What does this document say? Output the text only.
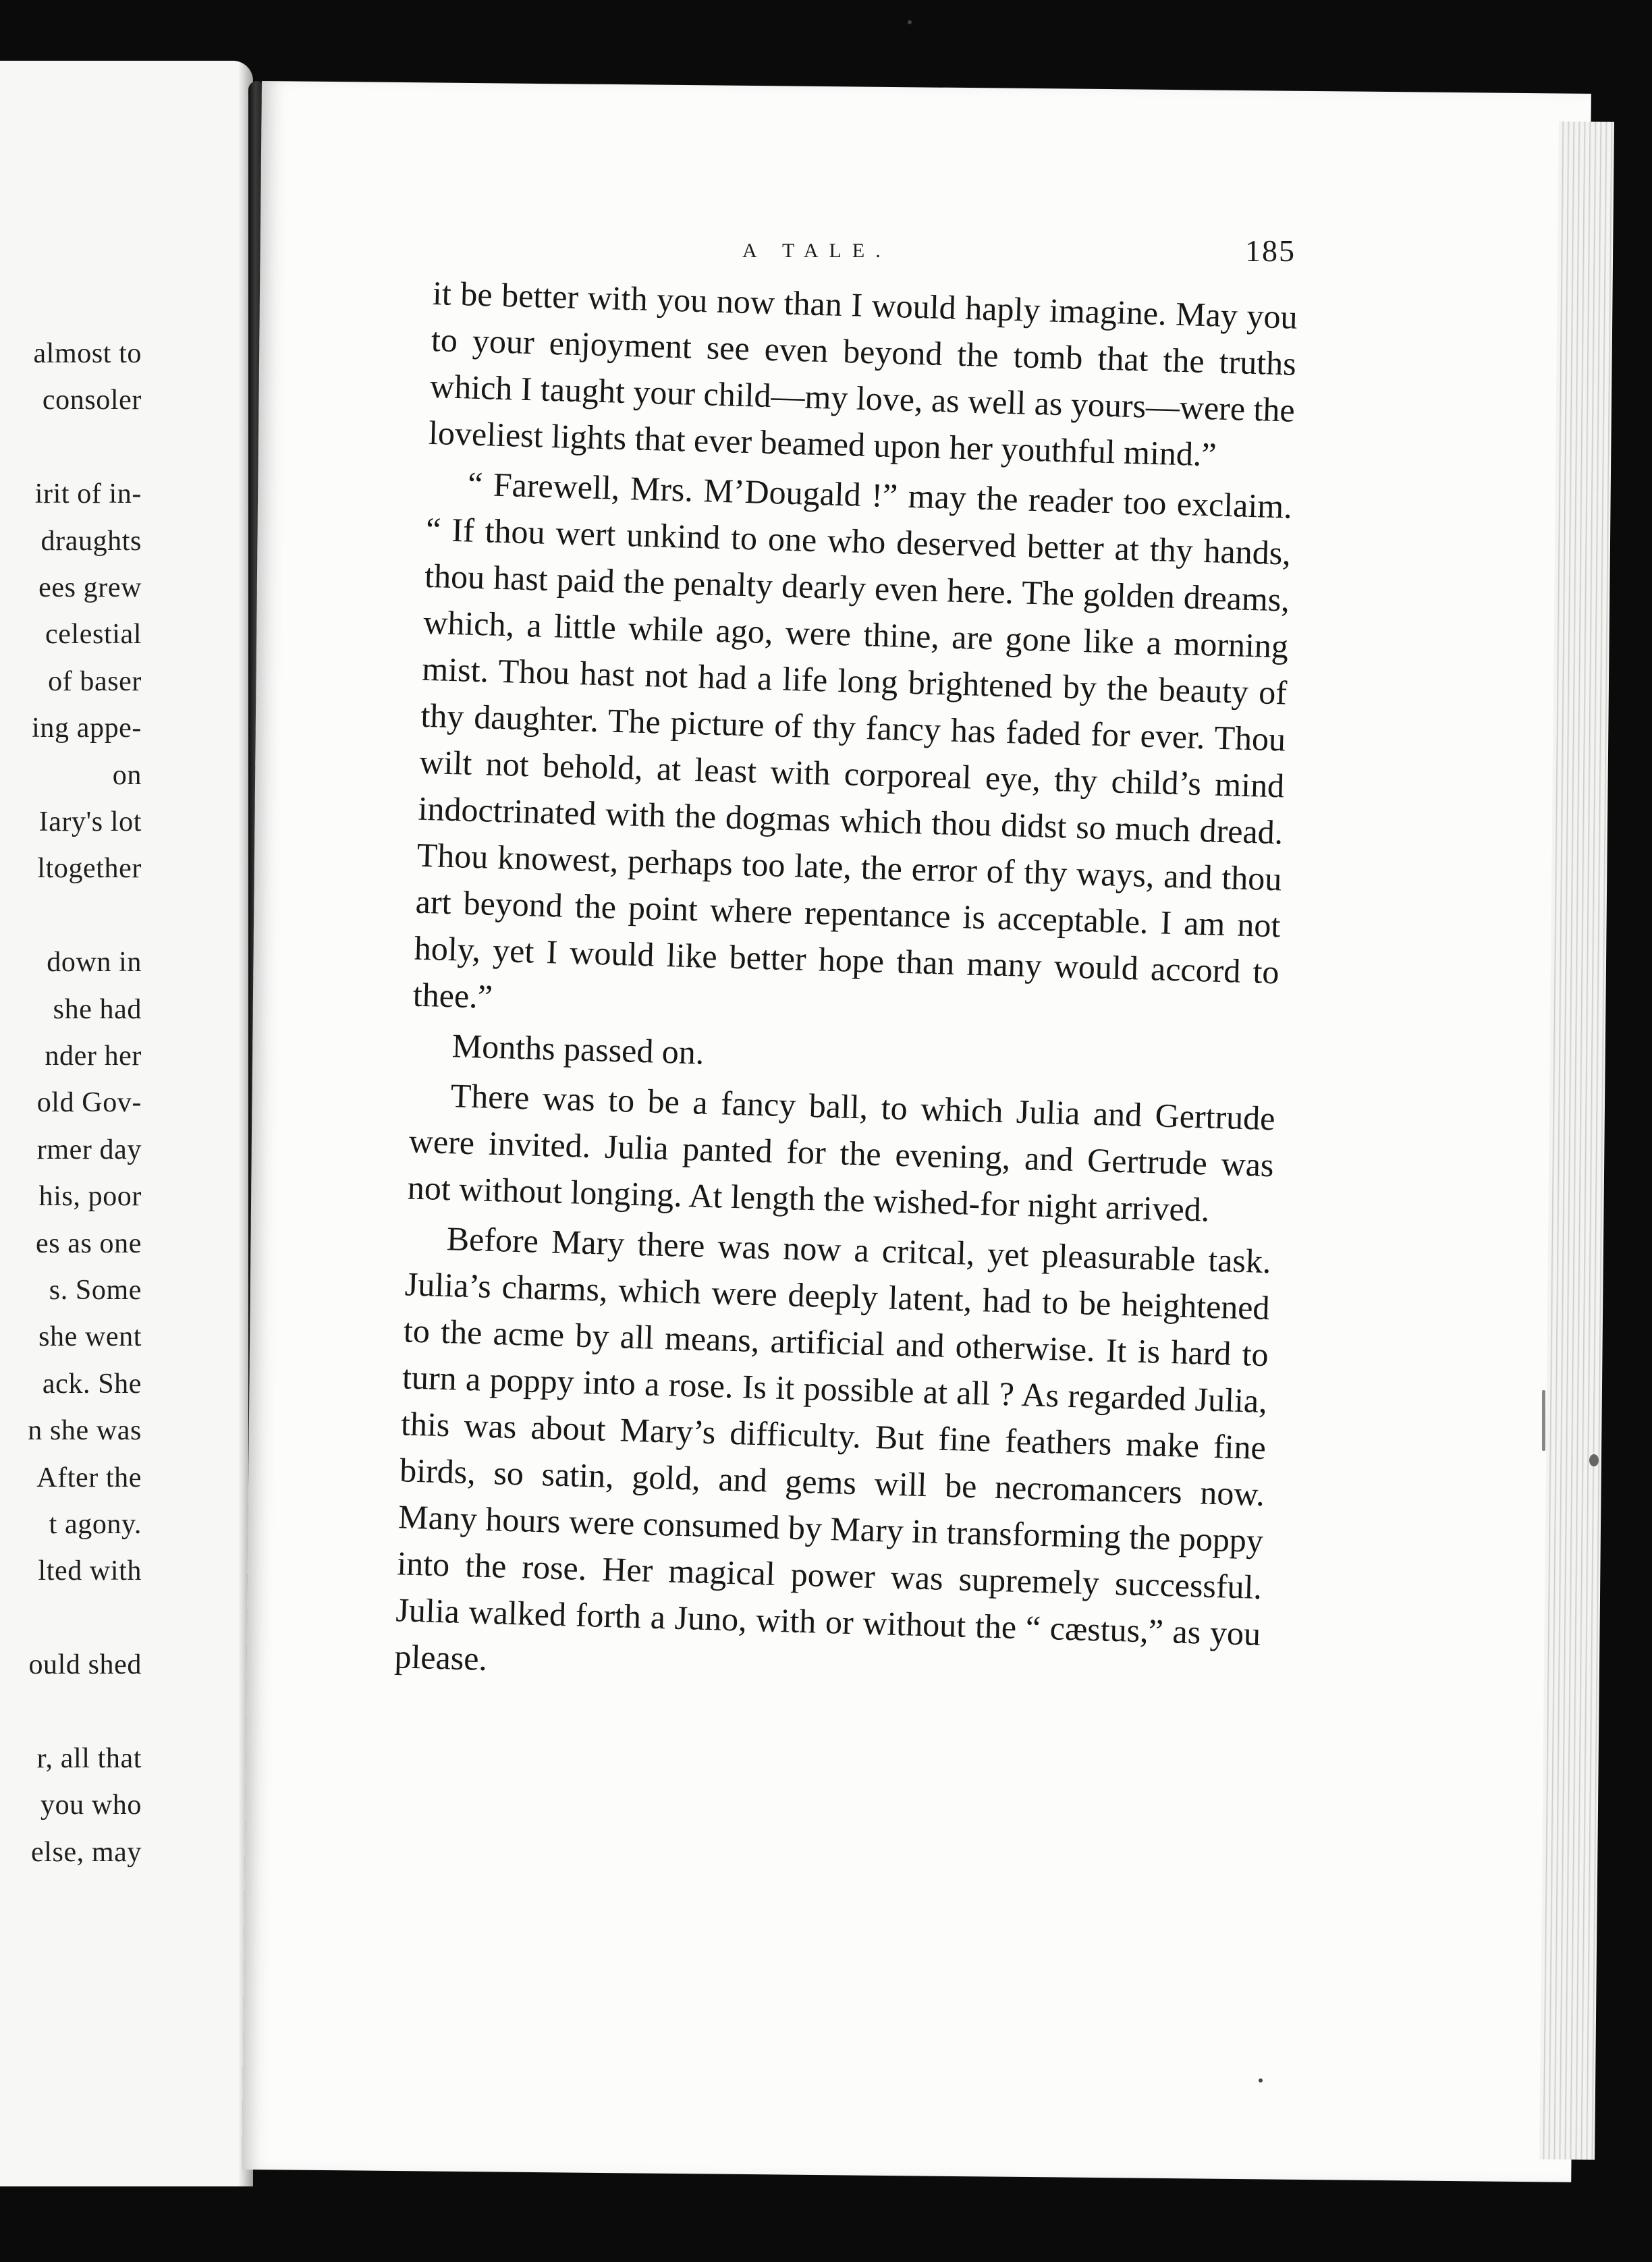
almost to
consoler
irit of in-
draughts
ees grew
celestial
of baser
ing appe-
on
Iary's lot
ltogether
down in
she had
nder her
old Gov-
rmer day
his, poor
es as one
s. Some
she went
ack. She
n she was
After the
t agony.
lted with
ould shed
r, all that
you who
else, may
A TALE.	185

it be better with you now than I would haply imagine. May you to your enjoyment see even beyond the tomb that the truths which I taught your child—my love, as well as yours—were the loveliest lights that ever beamed upon her youthful mind.”

“ Farewell, Mrs. M’Dougald !” may the reader too exclaim. “ If thou wert unkind to one who deserved better at thy hands, thou hast paid the penalty dearly even here. The golden dreams, which, a little while ago, were thine, are gone like a morning mist. Thou hast not had a life long brightened by the beauty of thy daughter. The picture of thy fancy has faded for ever. Thou wilt not behold, at least with corporeal eye, thy child’s mind indoctrinated with the dogmas which thou didst so much dread. Thou knowest, perhaps too late, the error of thy ways, and thou art beyond the point where repentance is acceptable. I am not holy, yet I would like better hope than many would accord to thee.”

Months passed on.

There was to be a fancy ball, to which Julia and Gertrude were invited. Julia panted for the evening, and Gertrude was not without longing. At length the wished-for night arrived.

Before Mary there was now a critcal, yet pleasurable task. Julia’s charms, which were deeply latent, had to be heightened to the acme by all means, artificial and otherwise. It is hard to turn a poppy into a rose. Is it possible at all ? As regarded Julia, this was about Mary’s difficulty. But fine feathers make fine birds, so satin, gold, and gems will be necromancers now. Many hours were consumed by Mary in transforming the poppy into the rose. Her magical power was supremely successful. Julia walked forth a Juno, with or without the “ cæstus,” as you please.
